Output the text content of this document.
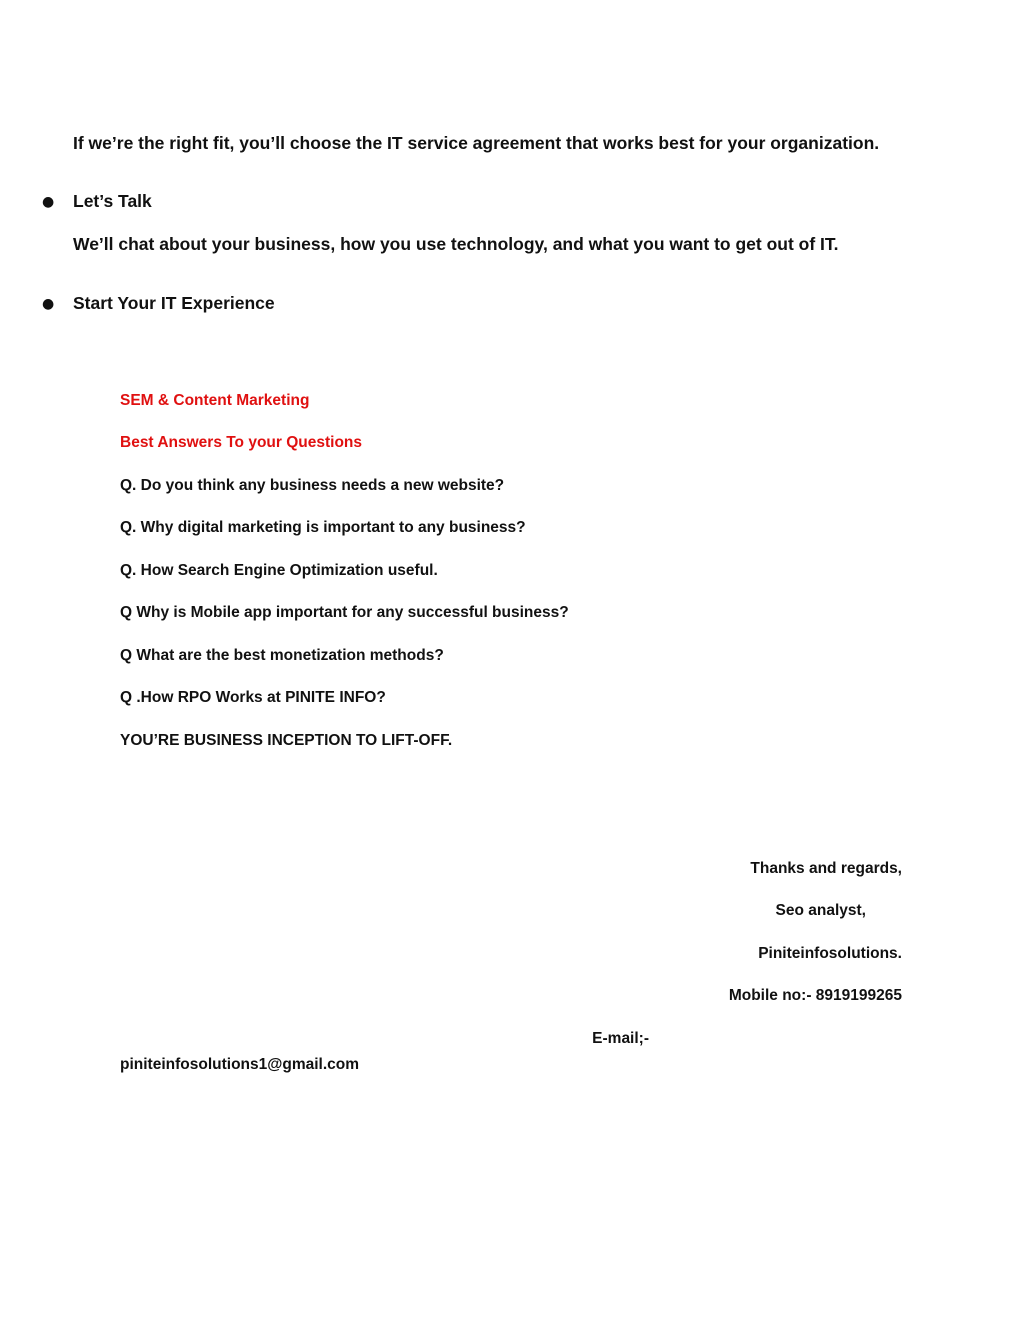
If we’re the right fit, you’ll choose the IT service agreement that works best for your organization.
● Let’s Talk
We’ll chat about your business, how you use technology, and what you want to get out of IT.
● Start Your IT Experience
SEM & Content Marketing
Best Answers To your Questions
Q. Do you think any business needs a new website?
Q. Why digital marketing is important to any business?
Q. How Search Engine Optimization useful.
Q Why is Mobile app important for any successful business?
Q What are the best monetization methods?
Q .How RPO Works at PINITE INFO?
YOU’RE BUSINESS INCEPTION TO LIFT-OFF.
Thanks and regards,
Seo analyst,
Piniteinfosolutions.
Mobile no:- 8919199265
E-mail;-
piniteinfosolutions1@gmail.com
